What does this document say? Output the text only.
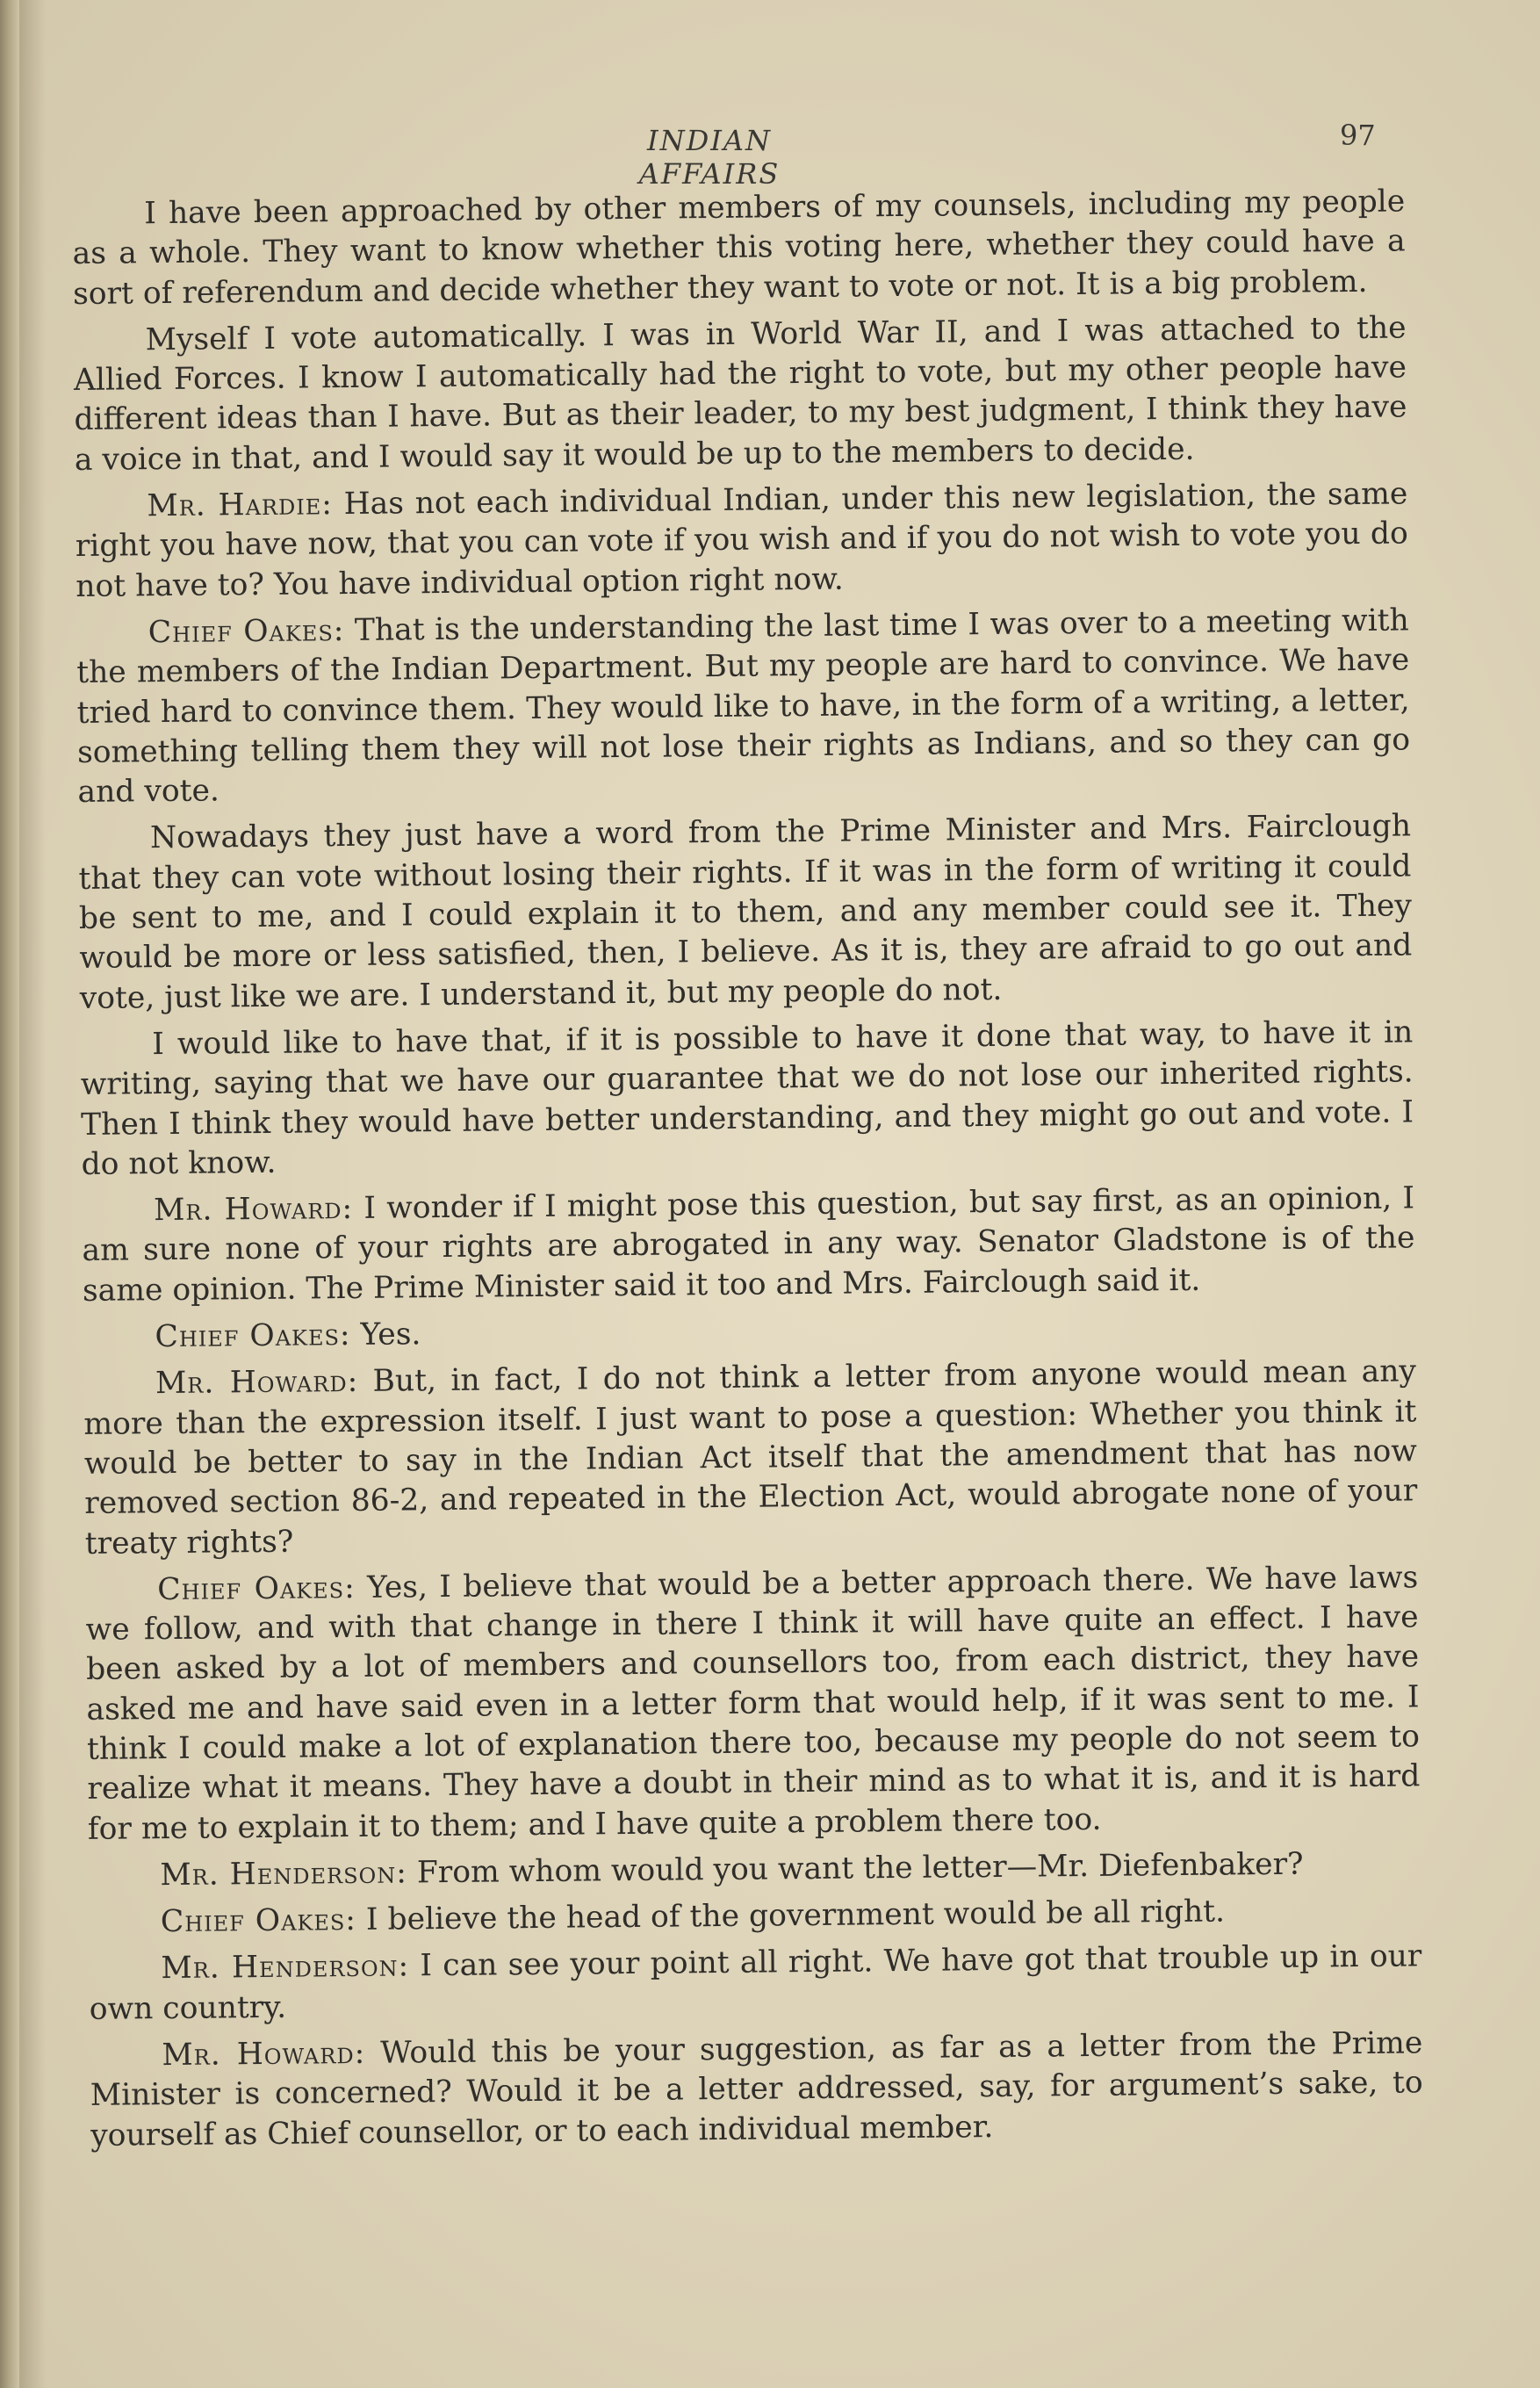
INDIAN AFFAIRS
97

I have been approached by other members of my counsels, including my people as a whole. They want to know whether this voting here, whether they could have a sort of referendum and decide whether they want to vote or not. It is a big problem.

Myself I vote automatically. I was in World War II, and I was attached to the Allied Forces. I know I automatically had the right to vote, but my other people have different ideas than I have. But as their leader, to my best judgment, I think they have a voice in that, and I would say it would be up to the members to decide.

Mr. Hardie: Has not each individual Indian, under this new legislation, the same right you have now, that you can vote if you wish and if you do not wish to vote you do not have to? You have individual option right now.

Chief Oakes: That is the understanding the last time I was over to a meeting with the members of the Indian Department. But my people are hard to convince. We have tried hard to convince them. They would like to have, in the form of a writing, a letter, something telling them they will not lose their rights as Indians, and so they can go and vote.

Nowadays they just have a word from the Prime Minister and Mrs. Fairclough that they can vote without losing their rights. If it was in the form of writing it could be sent to me, and I could explain it to them, and any member could see it. They would be more or less satisfied, then, I believe. As it is, they are afraid to go out and vote, just like we are. I understand it, but my people do not.

I would like to have that, if it is possible to have it done that way, to have it in writing, saying that we have our guarantee that we do not lose our inherited rights. Then I think they would have better understanding, and they might go out and vote. I do not know.

Mr. Howard: I wonder if I might pose this question, but say first, as an opinion, I am sure none of your rights are abrogated in any way. Senator Gladstone is of the same opinion. The Prime Minister said it too and Mrs. Fairclough said it.

Chief Oakes: Yes.

Mr. Howard: But, in fact, I do not think a letter from anyone would mean any more than the expression itself. I just want to pose a question: Whether you think it would be better to say in the Indian Act itself that the amendment that has now removed section 86-2, and repeated in the Election Act, would abrogate none of your treaty rights?

Chief Oakes: Yes, I believe that would be a better approach there. We have laws we follow, and with that change in there I think it will have quite an effect. I have been asked by a lot of members and counsellors too, from each district, they have asked me and have said even in a letter form that would help, if it was sent to me. I think I could make a lot of explanation there too, because my people do not seem to realize what it means. They have a doubt in their mind as to what it is, and it is hard for me to explain it to them; and I have quite a problem there too.

Mr. Henderson: From whom would you want the letter—Mr. Diefenbaker?

Chief Oakes: I believe the head of the government would be all right.

Mr. Henderson: I can see your point all right. We have got that trouble up in our own country.

Mr. Howard: Would this be your suggestion, as far as a letter from the Prime Minister is concerned? Would it be a letter addressed, say, for argument’s sake, to yourself as Chief counsellor, or to each individual member.
